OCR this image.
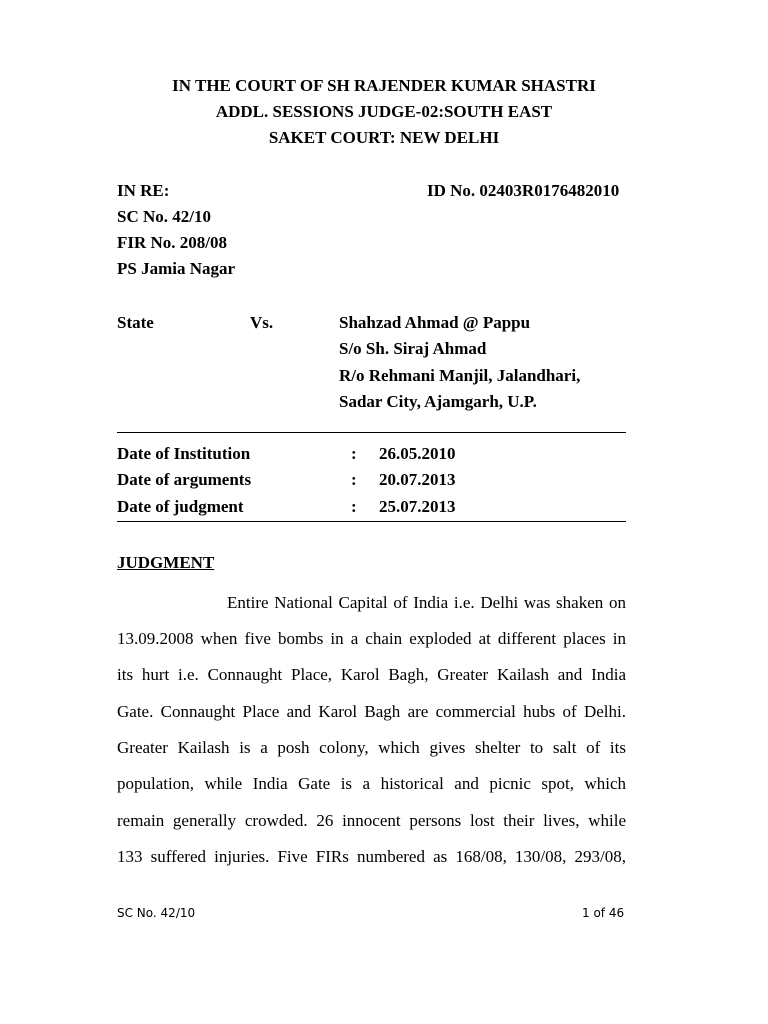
IN THE COURT OF SH RAJENDER KUMAR SHASTRI
ADDL. SESSIONS JUDGE-02:SOUTH EAST
SAKET COURT: NEW DELHI
IN RE:	ID No. 02403R0176482010
SC No. 42/10
FIR No. 208/08
PS Jamia Nagar
State	Vs.	Shahzad Ahmad @ Pappu
S/o Sh. Siraj Ahmad
R/o Rehmani Manjil, Jalandhari,
Sadar City, Ajamgarh, U.P.
Date of Institution	: 26.05.2010
Date of arguments	: 20.07.2013
Date of judgment	: 25.07.2013
JUDGMENT
Entire National Capital of India i.e. Delhi was shaken on
13.09.2008 when five bombs in a chain exploded at different places in
its hurt i.e. Connaught Place, Karol Bagh, Greater Kailash and India
Gate. Connaught Place and Karol Bagh are commercial hubs of Delhi.
Greater Kailash is a posh colony, which gives shelter to salt of its
population, while India Gate is a historical and picnic spot, which
remain generally crowded. 26 innocent persons lost their lives, while
133 suffered injuries. Five FIRs numbered as 168/08, 130/08, 293/08,
SC No. 42/10	1 of 46
